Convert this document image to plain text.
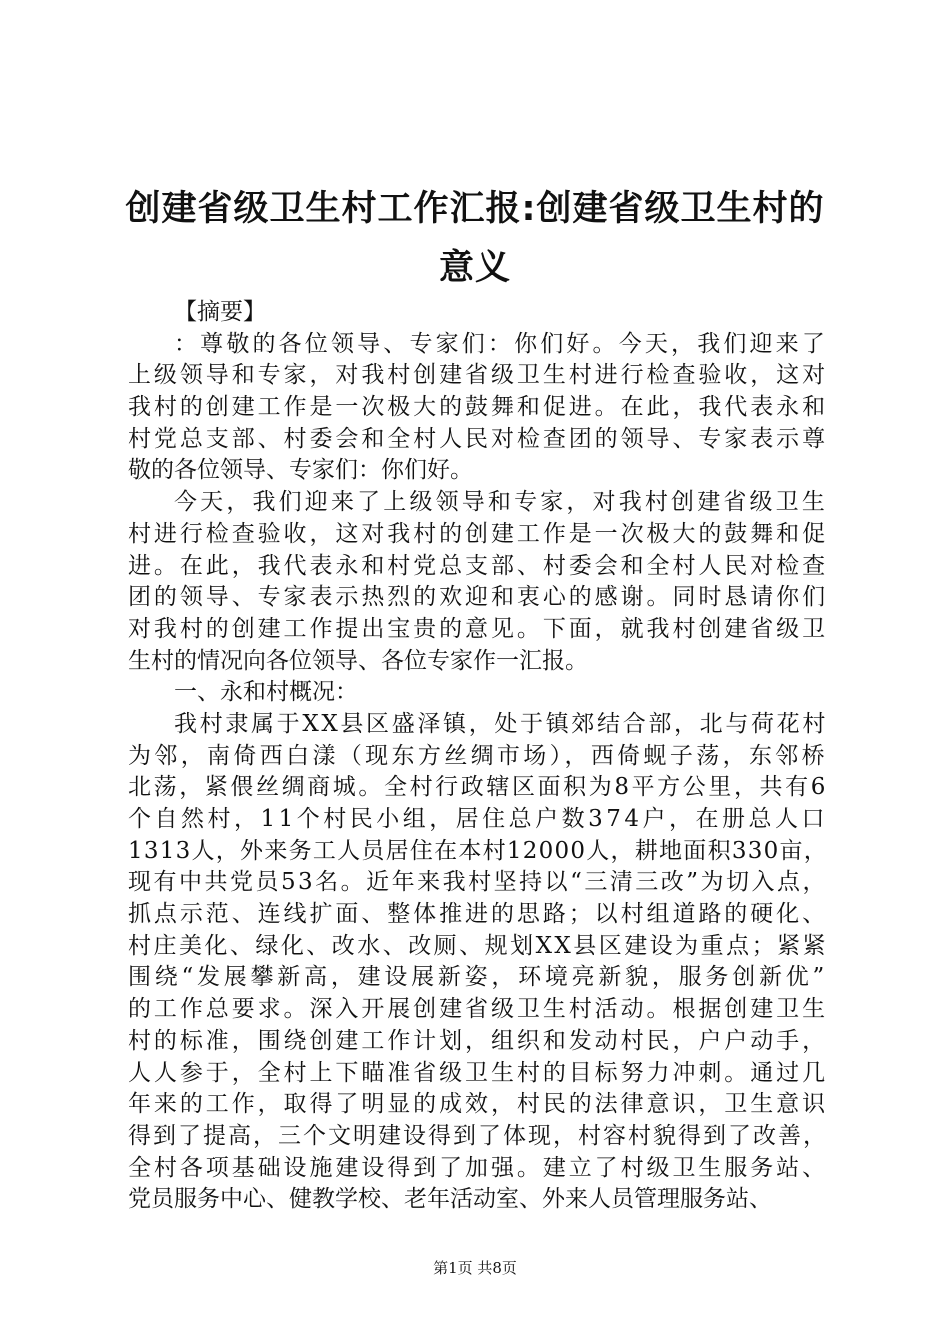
创建省级卫生村工作汇报:创建省级卫生村的
意义
【摘要】
：尊敬的各位领导、专家们：你们好。今天，我们迎来了
上级领导和专家，对我村创建省级卫生村进行检查验收，这对
我村的创建工作是一次极大的鼓舞和促进。在此，我代表永和
村党总支部、村委会和全村人民对检查团的领导、专家表示尊
敬的各位领导、专家们：你们好。
今天，我们迎来了上级领导和专家，对我村创建省级卫生
村进行检查验收，这对我村的创建工作是一次极大的鼓舞和促
进。在此，我代表永和村党总支部、村委会和全村人民对检查
团的领导、专家表示热烈的欢迎和衷心的感谢。同时恳请你们
对我村的创建工作提出宝贵的意见。下面，就我村创建省级卫
生村的情况向各位领导、各位专家作一汇报。
一、永和村概况：
我村隶属于XX县区盛泽镇，处于镇郊结合部，北与荷花村
为邻，南倚西白漾（现东方丝绸市场），西倚蚬子荡，东邻桥
北荡，紧偎丝绸商城。全村行政辖区面积为8平方公里，共有6
个自然村，11个村民小组，居住总户数374户，在册总人口
1313人，外来务工人员居住在本村12000人，耕地面积330亩，
现有中共党员53名。近年来我村坚持以“三清三改”为切入点，
抓点示范、连线扩面、整体推进的思路；以村组道路的硬化、
村庄美化、绿化、改水、改厕、规划XX县区建设为重点；紧紧
围绕“发展攀新高，建设展新姿，环境亮新貌，服务创新优”
的工作总要求。深入开展创建省级卫生村活动。根据创建卫生
村的标准，围绕创建工作计划，组织和发动村民，户户动手，
人人参于，全村上下瞄准省级卫生村的目标努力冲刺。通过几
年来的工作，取得了明显的成效，村民的法律意识，卫生意识
得到了提高，三个文明建设得到了体现，村容村貌得到了改善，
全村各项基础设施建设得到了加强。建立了村级卫生服务站、
党员服务中心、健教学校、老年活动室、外来人员管理服务站、
第1页 共8页
